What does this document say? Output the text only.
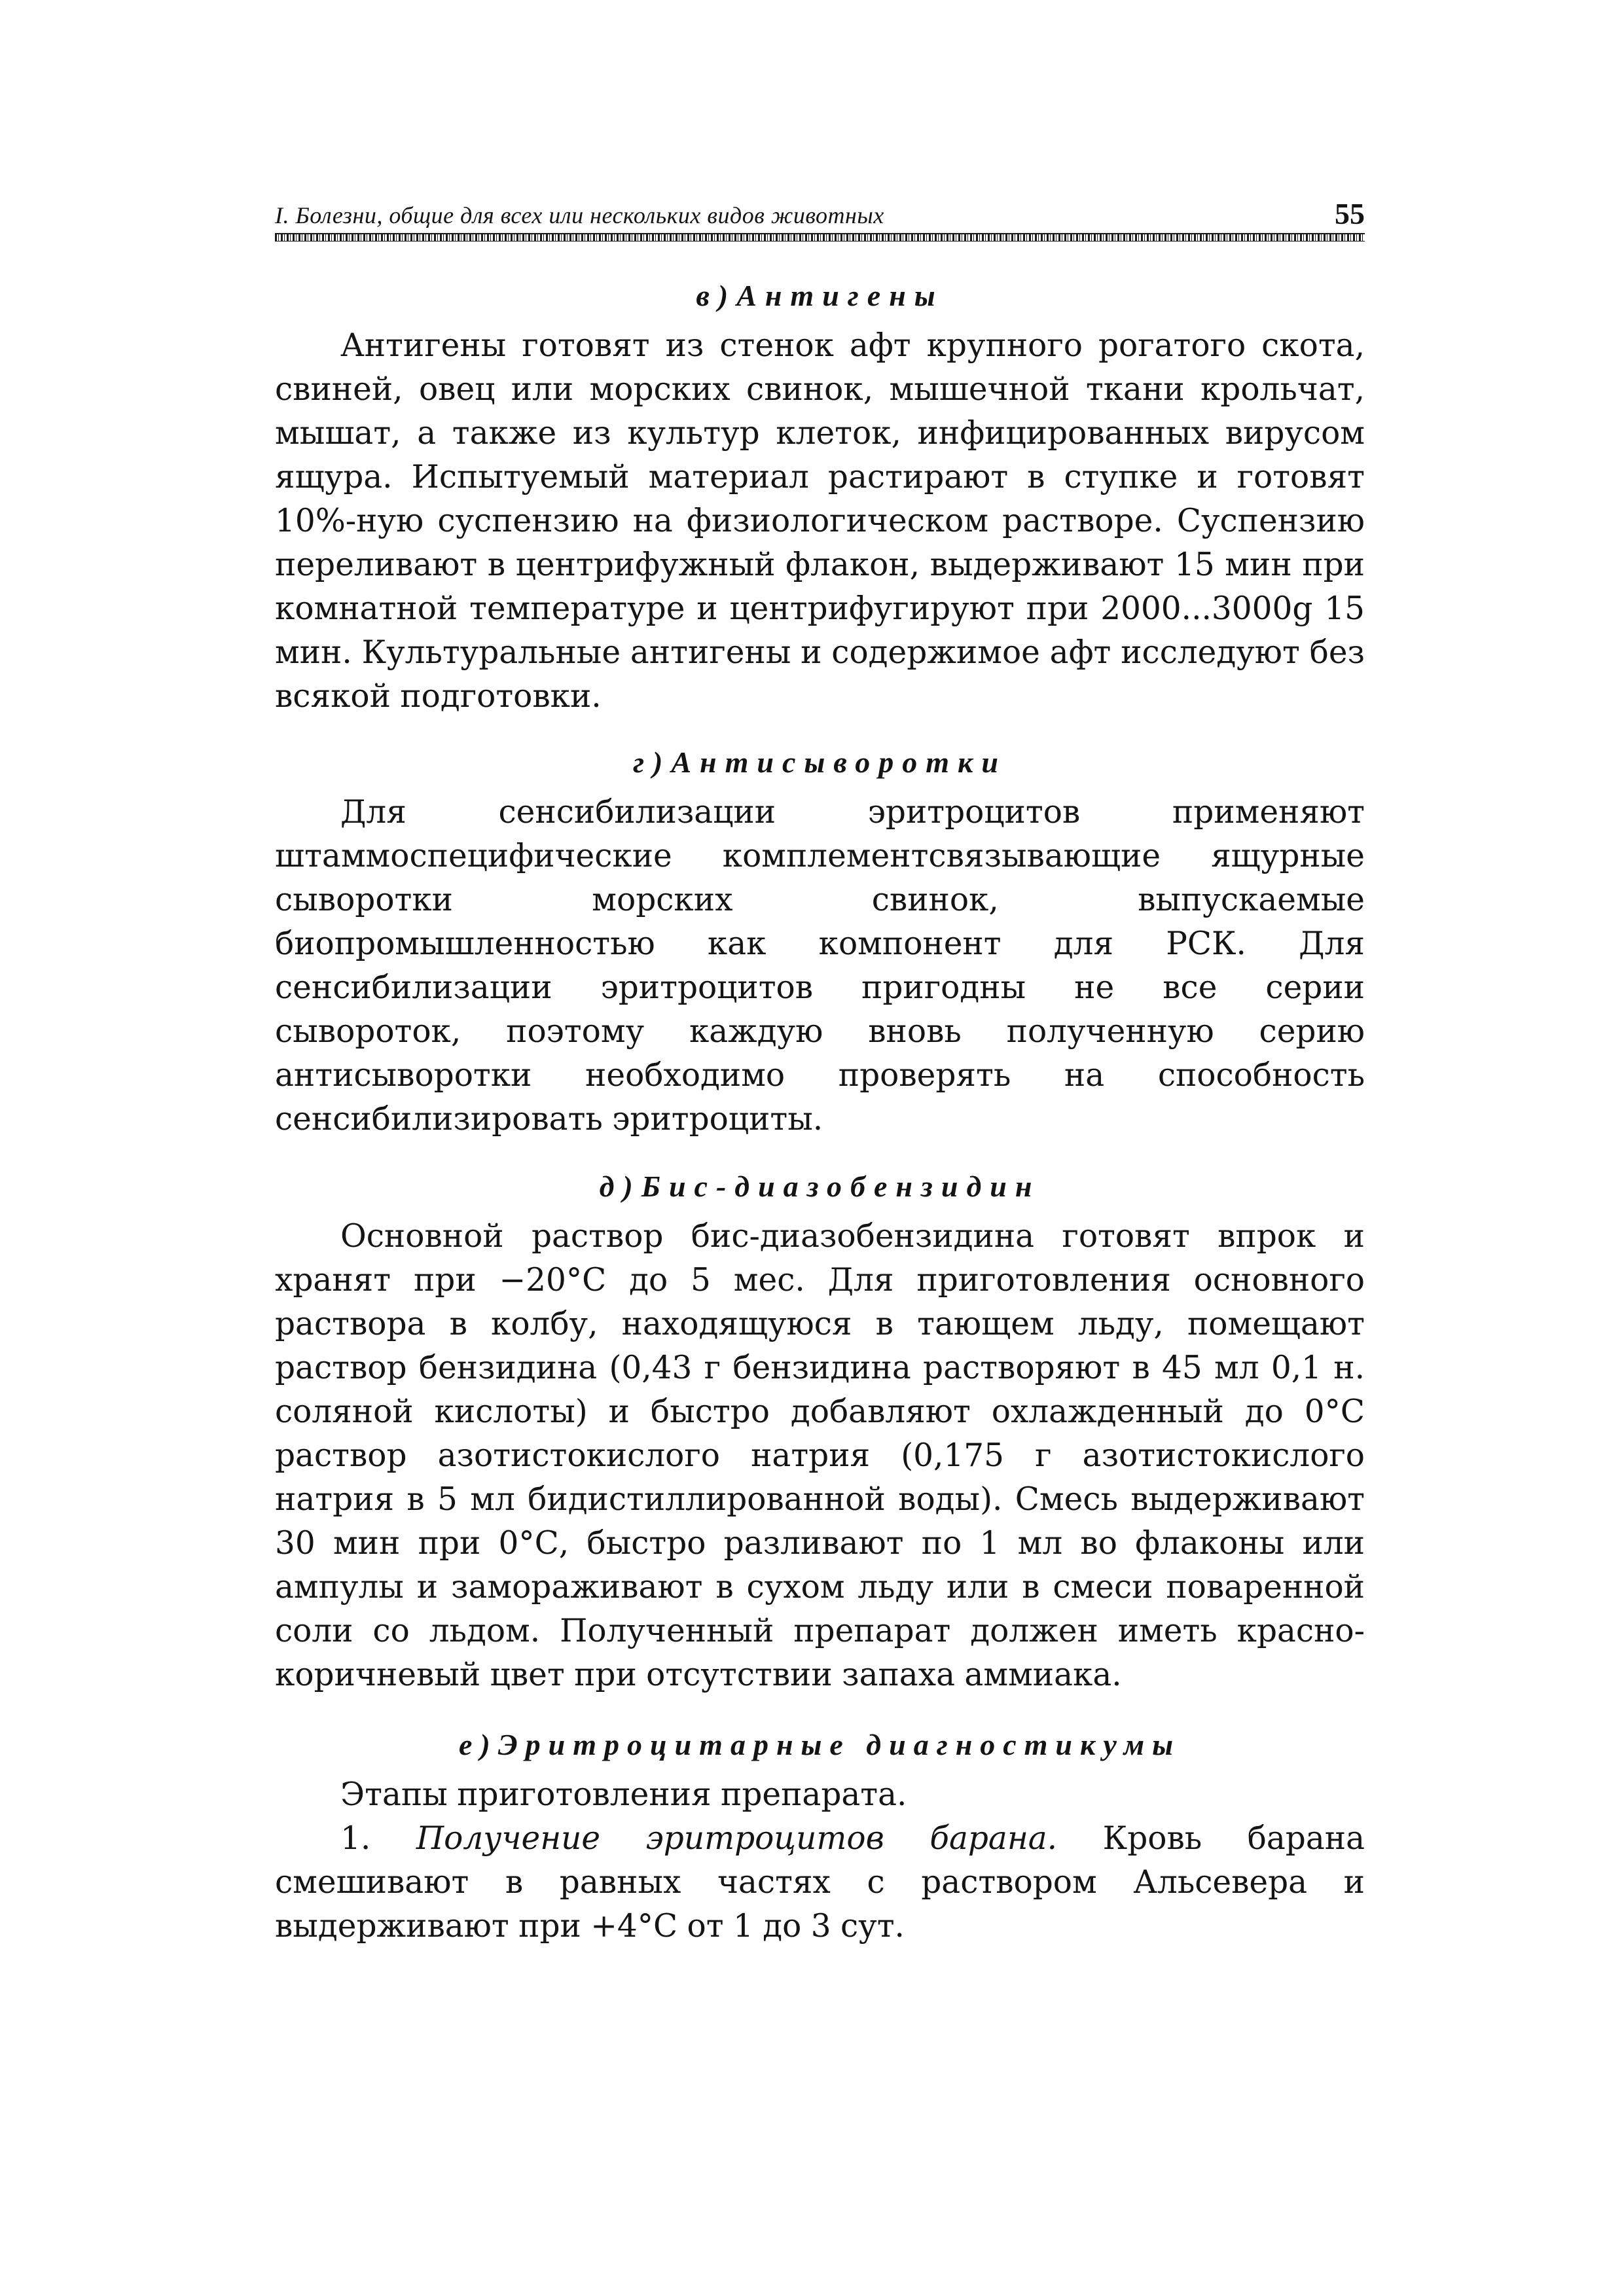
I. Болезни, общие для всех или нескольких видов животных	55
в)Антигены

Антигены готовят из стенок афт крупного рогатого скота, свиней, овец или морских свинок, мышечной ткани крольчат, мышат, а также из культур клеток, инфицированных вирусом ящура. Испытуемый материал растирают в ступке и готовят 10%-ную суспензию на физиологическом растворе. Суспензию переливают в центрифужный флакон, выдерживают 15 мин при комнатной температуре и центрифугируют при 2000...3000g 15 мин. Культуральные антигены и содержимое афт исследуют без всякой подготовки.

г)Антисыворотки

Для сенсибилизации эритроцитов применяют штаммоспецифические комплементсвязывающие ящурные сыворотки морских свинок, выпускаемые биопромышленностью как компонент для РСК. Для сенсибилизации эритроцитов пригодны не все серии сывороток, поэтому каждую вновь полученную серию антисыворотки необходимо проверять на способность сенсибилизировать эритроциты.

д)Бис-диазобензидин

Основной раствор бис-диазобензидина готовят впрок и хранят при −20°С до 5 мес. Для приготовления основного раствора в колбу, находящуюся в тающем льду, помещают раствор бензидина (0,43 г бензидина растворяют в 45 мл 0,1 н. соляной кислоты) и быстро добавляют охлажденный до 0°С раствор азотистокислого натрия (0,175 г азотистокислого натрия в 5 мл бидистиллированной воды). Смесь выдерживают 30 мин при 0°С, быстро разливают по 1 мл во флаконы или ампулы и замораживают в сухом льду или в смеси поваренной соли со льдом. Полученный препарат должен иметь красно-коричневый цвет при отсутствии запаха аммиака.

е)Эритроцитарные диагностикумы

Этапы приготовления препарата.

1. Получение эритроцитов барана. Кровь барана смешивают в равных частях с раствором Альсевера и выдерживают при +4°С от 1 до 3 сут.
